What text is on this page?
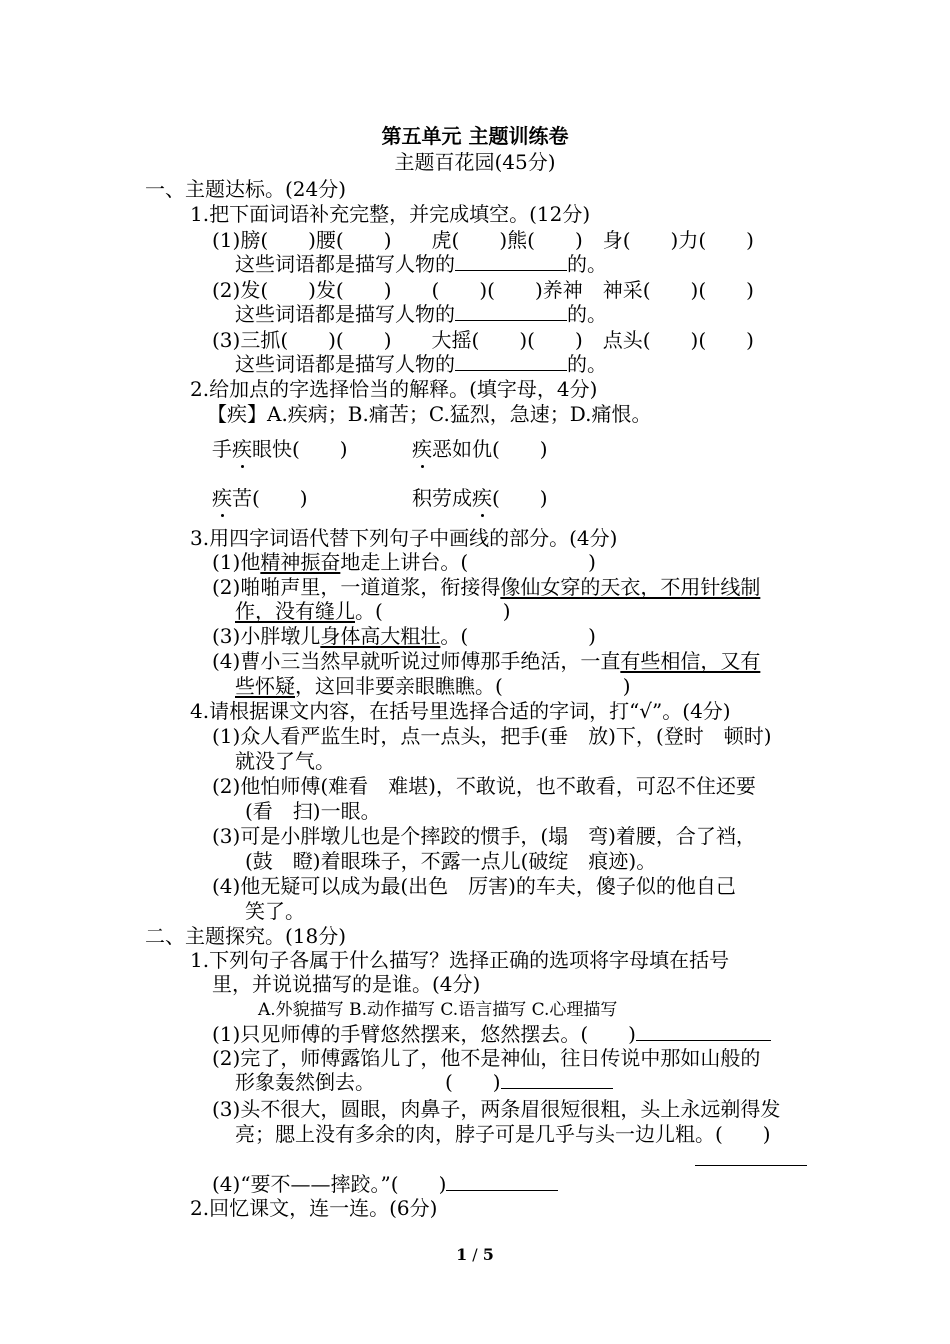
第五单元 主题训练卷
主题百花园(45分)
一、主题达标。(24分)
1.把下面词语补充完整，并完成填空。(12分)
(1)膀(　　)腰(　　)　　虎(　　)熊(　　)　身(　　)力(　　)
这些词语都是描写人物的	的。
(2)发(　　)发(　　)　　(　　)(　　)养神　神采(　　)(　　)
这些词语都是描写人物的	的。
(3)三抓(　　)(　　)　　大摇(　　)(　　)　点头(　　)(　　)
这些词语都是描写人物的	的。
2.给加点的字选择恰当的解释。(填字母，4分)
【疾】A.疾病；B.痛苦；C.猛烈，急速；D.痛恨。
手疾眼快(　　)	疾恶如仇(　　)
疾苦(　　)	积劳成疾(　　)
3.用四字词语代替下列句子中画线的部分。(4分)
(1)他精神振奋地走上讲台。(　　　　　　)
(2)啪啪声里，一道道浆，衔接得像仙女穿的天衣，不用针线制
作，没有缝儿。(　　　　　　)
(3)小胖墩儿身体高大粗壮。(　　　　　　)
(4)曹小三当然早就听说过师傅那手绝活，一直有些相信，又有
些怀疑，这回非要亲眼瞧瞧。(　　　　　　)
4.请根据课文内容，在括号里选择合适的字词，打“√”。(4分)
(1)众人看严监生时，点一点头，把手(垂　放)下，(登时　顿时)
就没了气。
(2)他怕师傅(难看　难堪)，不敢说，也不敢看，可忍不住还要
(看　扫)一眼。
(3)可是小胖墩儿也是个摔跤的惯手，(塌　弯)着腰，合了裆，
(鼓　瞪)着眼珠子，不露一点儿(破绽　痕迹)。
(4)他无疑可以成为最(出色　厉害)的车夫，傻子似的他自己
笑了。
二、主题探究。(18分)
1.下列句子各属于什么描写？选择正确的选项将字母填在括号
里，并说说描写的是谁。(4分)
A.外貌描写 B.动作描写 C.语言描写 C.心理描写
(1)只见师傅的手臂悠然摆来，悠然摆去。(　　)
(2)完了，师傅露馅儿了，他不是神仙，往日传说中那如山般的
形象轰然倒去。　　　　(　　)
(3)头不很大，圆眼，肉鼻子，两条眉很短很粗，头上永远剃得发
亮；腮上没有多余的肉，脖子可是几乎与头一边儿粗。(　　)
(4)“要不——摔跤。”(　　)
2.回忆课文，连一连。(6分)
1 / 5
